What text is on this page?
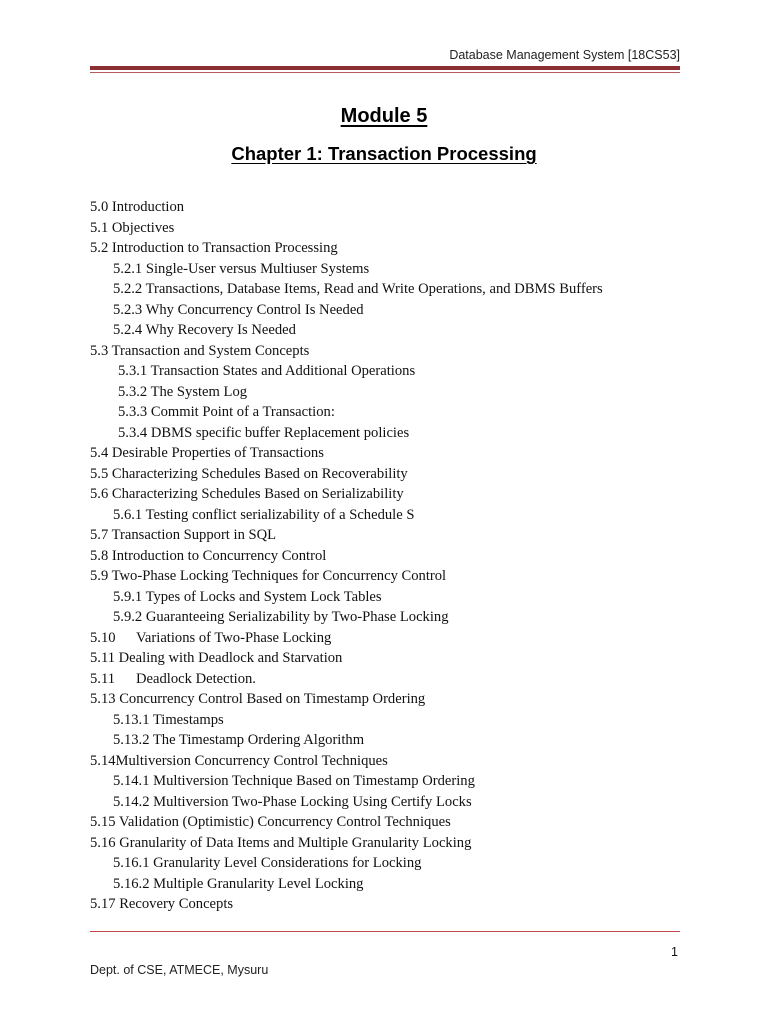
Database Management System [18CS53]
Module 5
Chapter 1: Transaction Processing
5.0 Introduction
5.1 Objectives
5.2 Introduction to Transaction Processing
5.2.1 Single-User versus Multiuser Systems
5.2.2 Transactions, Database Items, Read and Write Operations, and DBMS Buffers
5.2.3 Why Concurrency Control Is Needed
5.2.4 Why Recovery Is Needed
5.3 Transaction and System Concepts
5.3.1 Transaction States and Additional Operations
5.3.2 The System Log
5.3.3 Commit Point of a Transaction:
5.3.4 DBMS specific buffer Replacement policies
5.4 Desirable Properties of Transactions
5.5 Characterizing Schedules Based on Recoverability
5.6 Characterizing Schedules Based on Serializability
5.6.1 Testing conflict serializability of a Schedule S
5.7 Transaction Support in SQL
5.8 Introduction to Concurrency Control
5.9 Two-Phase Locking Techniques for Concurrency Control
5.9.1 Types of Locks and System Lock Tables
5.9.2 Guaranteeing Serializability by Two-Phase Locking
5.10 Variations of Two-Phase Locking
5.11 Dealing with Deadlock and Starvation
5.11 Deadlock Detection.
5.13 Concurrency Control Based on Timestamp Ordering
5.13.1 Timestamps
5.13.2 The Timestamp Ordering Algorithm
5.14Multiversion Concurrency Control Techniques
5.14.1 Multiversion Technique Based on Timestamp Ordering
5.14.2 Multiversion Two-Phase Locking Using Certify Locks
5.15 Validation (Optimistic) Concurrency Control Techniques
5.16 Granularity of Data Items and Multiple Granularity Locking
5.16.1 Granularity Level Considerations for Locking
5.16.2 Multiple Granularity Level Locking
5.17 Recovery Concepts
1
Dept. of CSE, ATMECE, Mysuru
